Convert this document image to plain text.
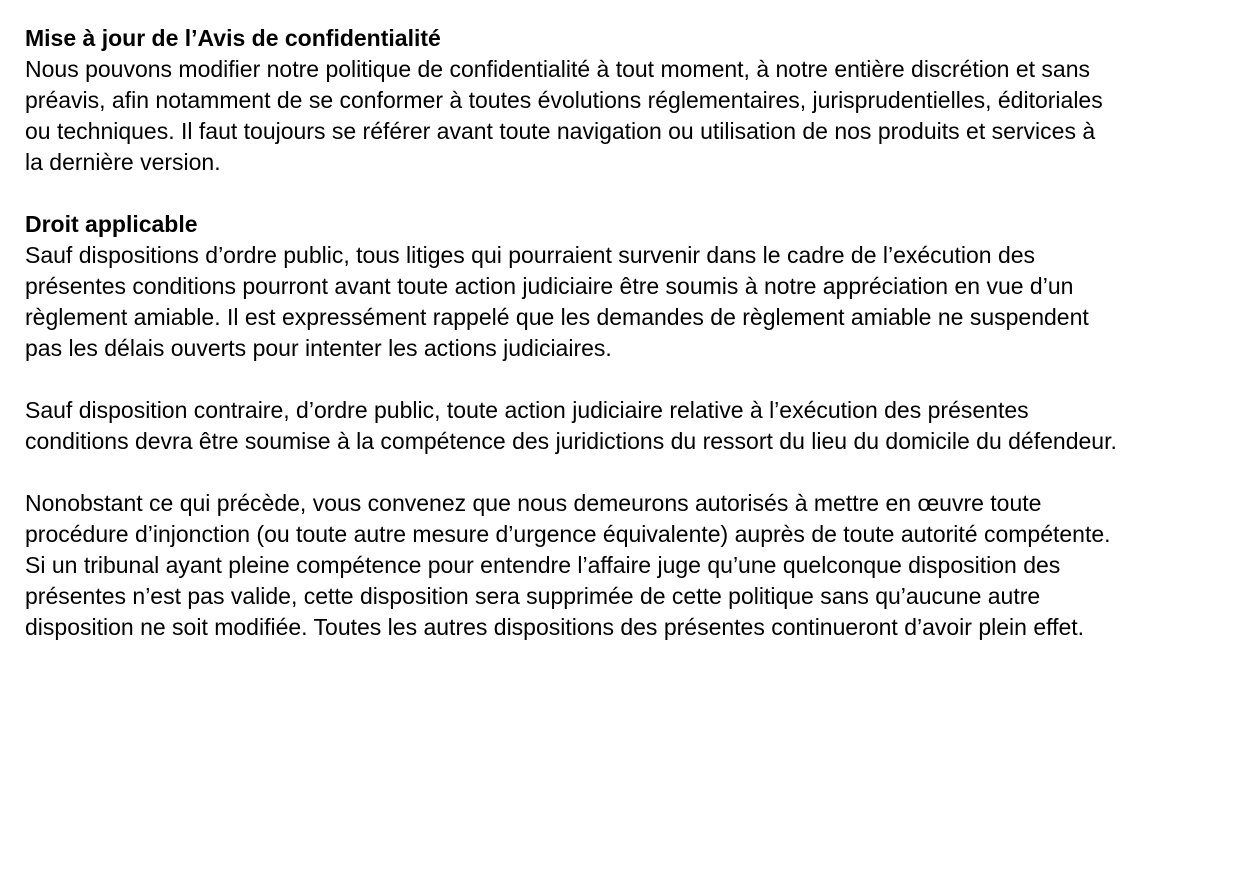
Mise à jour de l’Avis de confidentialité
Nous pouvons modifier notre politique de confidentialité à tout moment, à notre entière discrétion et sans
préavis, afin notamment de se conformer à toutes évolutions réglementaires, jurisprudentielles, éditoriales
ou techniques. Il faut toujours se référer avant toute navigation ou utilisation de nos produits et services à
la dernière version.
Droit applicable
Sauf dispositions d’ordre public, tous litiges qui pourraient survenir dans le cadre de l’exécution des
présentes conditions pourront avant toute action judiciaire être soumis à notre appréciation en vue d’un
règlement amiable. Il est expressément rappelé que les demandes de règlement amiable ne suspendent
pas les délais ouverts pour intenter les actions judiciaires.
Sauf disposition contraire, d’ordre public, toute action judiciaire relative à l’exécution des présentes
conditions devra être soumise à la compétence des juridictions du ressort du lieu du domicile du défendeur.
Nonobstant ce qui précède, vous convenez que nous demeurons autorisés à mettre en œuvre toute
procédure d’injonction (ou toute autre mesure d’urgence équivalente) auprès de toute autorité compétente.
Si un tribunal ayant pleine compétence pour entendre l’affaire juge qu’une quelconque disposition des
présentes n’est pas valide, cette disposition sera supprimée de cette politique sans qu’aucune autre
disposition ne soit modifiée. Toutes les autres dispositions des présentes continueront d’avoir plein effet.
